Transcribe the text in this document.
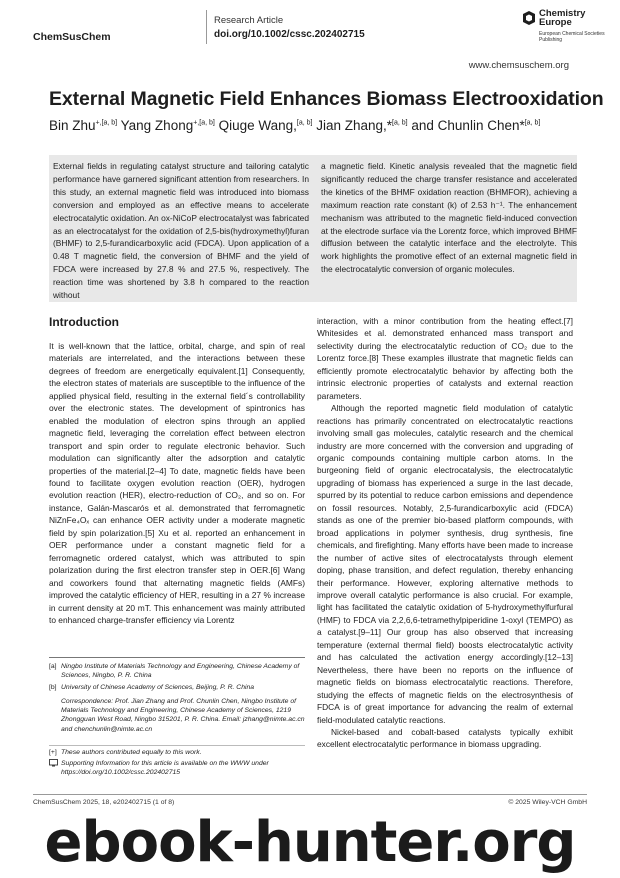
ChemSusChem
Research Article
doi.org/10.1002/cssc.202402715
Chemistry
Europe
European Chemical Societies Publishing
www.chemsuschem.org
External Magnetic Field Enhances Biomass Electrooxidation
Bin Zhu$^{+,[a, b]}$ Yang Zhong$^{+,[a, b]}$ Qiuge Wang,[a, b] Jian Zhang,*[a, b] and Chunlin Chen*[a, b]

External fields in regulating catalyst structure and tailoring catalytic performance have garnered significant attention from researchers. In this study, an external magnetic field was introduced into biomass conversion and employed as an effective means to accelerate electrocatalytic oxidation. An ox-NiCoP electrocatalyst was fabricated as an electrocatalyst for the oxidation of 2,5-bis(hydroxymethyl)furan (BHMF) to 2,5-furandicarboxylic acid (FDCA). Upon application of a 0.48 T magnetic field, the conversion of BHMF and the yield of FDCA were increased by 27.8 % and 27.5 %, respectively. The reaction time was shortened by 3.8 h compared to the reaction without

a magnetic field. Kinetic analysis revealed that the magnetic field significantly reduced the charge transfer resistance and accelerated the kinetics of the BHMF oxidation reaction (BHMFOR), achieving a maximum reaction rate constant (k) of 2.53 h⁻¹. The enhancement mechanism was attributed to the magnetic field-induced convection at the electrode surface via the Lorentz force, which improved BHMF diffusion between the catalytic interface and the electrolyte. This work highlights the promotive effect of an external magnetic field in the electrocatalytic conversion of organic molecules.

Introduction

It is well-known that the lattice, orbital, charge, and spin of real materials are interrelated, and the interactions between these degrees of freedom are energetically equivalent.[1] Consequently, the electron states of materials are susceptible to the influence of the applied physical field, resulting in the external field´s controllability over the electronic states. The development of spintronics has enabled the modulation of electron spins through an applied magnetic field, leveraging the correlation effect between electron transport and spin order to regulate electronic behavior. Such modulation can significantly alter the adsorption and catalytic properties of the material.[2–4] To date, magnetic fields have been found to facilitate oxygen evolution reaction (OER), hydrogen evolution reaction (HER), electro-reduction of CO₂, and so on. For instance, Galán-Mascarós et al. demonstrated that ferromagnetic NiZnFe₄Oₓ can enhance OER activity under a moderate magnetic field by spin polarization.[5] Xu et al. reported an enhancement in OER performance under a constant magnetic field for a ferromagnetic ordered catalyst, which was attributed to spin polarization during the first electron transfer step in OER.[6] Wang and coworkers found that alternating magnetic fields (AMFs) improved the catalytic efficiency of HER, resulting in a 27 % increase in current density at 20 mT. This enhancement was mainly attributed to enhanced charge-transfer efficiency via Lorentz

interaction, with a minor contribution from the heating effect.[7] Whitesides et al. demonstrated enhanced mass transport and selectivity during the electrocatalytic reduction of CO₂ due to the Lorentz force.[8] These examples illustrate that magnetic fields can efficiently promote electrocatalytic behavior by affecting both the intrinsic electronic properties of catalysts and external reaction parameters.

Although the reported magnetic field modulation of catalytic reactions has primarily concentrated on electrocatalytic reactions involving small gas molecules, catalytic research and the chemical industry are more concerned with the conversion and upgrading of organic compounds containing multiple carbon atoms. In the burgeoning field of organic electrocatalysis, the electrocatalytic upgrading of biomass has experienced a surge in the last decade, spurred by its potential to reduce carbon emissions and dependence on fossil resources. Notably, 2,5-furandicarboxylic acid (FDCA) stands as one of the premier bio-based platform compounds, with broad applications in polymer synthesis, drug synthesis, fine chemicals, and firefighting. Many efforts have been made to increase the number of active sites of electrocatalysts through element doping, phase transition, and defect regulation, thereby enhancing their performance. However, exploring alternative methods to improve overall catalytic performance is also crucial. For example, light has facilitated the catalytic oxidation of 5-hydroxymethylfurfural (HMF) to FDCA via 2,2,6,6-tetramethylpiperidine 1-oxyl (TEMPO) as a catalyst.[9–11] Our group has also observed that increasing temperature (external thermal field) boosts electrocatalytic activity and has calculated the activation energy accordingly.[12–13] Nevertheless, there have been no reports on the influence of magnetic fields on biomass electrocatalytic reactions. Therefore, studying the effects of magnetic fields on the electrosynthesis of FDCA is of great importance for advancing the realm of external field-modulated catalytic reactions.

Nickel-based and cobalt-based catalysts typically exhibit excellent electrocatalytic performance in biomass upgrading.

[a] Ningbo Institute of Materials Technology and Engineering, Chinese Academy of Sciences, Ningbo, P. R. China
[b] University of Chinese Academy of Sciences, Beijing, P. R. China
Correspondence: Prof. Jian Zhang and Prof. Chunlin Chen, Ningbo Institute of Materials Technology and Engineering, Chinese Academy of Sciences, 1219 Zhongguan West Road, Ningbo 315201, P. R. China. Email: jzhang@nimte.ac.cn and chenchunlin@nimte.ac.cn
[+] These authors contributed equally to this work.
Supporting Information for this article is available on the WWW under https://doi.org/10.1002/cssc.202402715
ChemSusChem 2025, 18, e202402715 (1 of 8)	© 2025 Wiley-VCH GmbH
ebook-hunter.org
